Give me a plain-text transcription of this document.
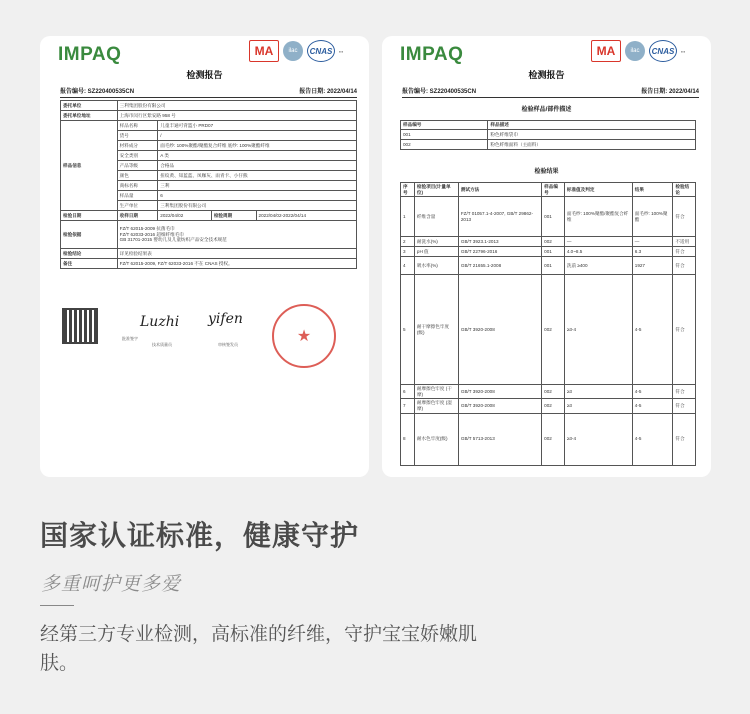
IMPAQ	MA	ilac	CNAS	▪▪▪
检测报告
报告编号: SZ220400535CN	报告日期: 2022/04/14
委托单位	三利集团股份有限公司			
委托单位地址	上海市闵行区紫安路 958 号			
样品信息	样品名称	儿童丰通可背篮小 PRD07		
	货号	/		
	材料成分	面毛纱: 100%聚酯/聚酯复合纤维 底纱: 100%聚酯纤维		
	安全类别	A 类		
	产品等级	合格品		
	颜色	扭纹黄、知蓝蓝、凤咖灰、雨青卡、小仔熊		
	商标名称	三利		
	样品量	6		
	生产单位	三利集团股份有限公司		
检验日期	收样日期	2022/04/02	检验周期	2022/04/02-2022/04/14
检验依据	FZ/T 62015-2009 抗菌毛巾
FZ/T 62033-2016 超细纤维毛巾
GB 31701-2015 婴幼儿及儿童纺织产品安全技术规范			

检验结论	详见检验结果表			
备注	FZ/T 62015-2009, FZ/T 62033-2016 不在 CNAS 授权。			
Luzhi yifen
批准签字
技术质量员	审核签发员	★
IMPAQ	MA	ilac	CNAS	▪▪▪
检测报告
报告编号: SZ220400535CN	报告日期: 2022/04/14
检验样品/部件描述
样品编号	样品描述
001	粉色纤维袋巾
002	粉色纤维面料（主面料）
检验结果
序号	检验项目(计量单位)	测试方法	样品编号	标准值及判定	结果	检验结论
1	纤维含量	FZ/T 01057.1-4-2007, GB/T 29862-2013	001	面毛纱: 100%聚酯/聚酯复合纤维	面毛纱: 100%聚酯	符合
2	耐洗水(%)	GB/T 3923.1-2013	002	—	—	不适用
3	pH 值	GB/T 22796-2016	001	4.0~8.5	6.3	符合
4	吸水率(%)	GB/T 21655.1-2008	001	洗前 ≥400	1927	符合
5	耐干摩擦色牢度(级)	GB/T 3920-2008	002	≥3-4	4-5	符合
6	耐摩擦色牢度 (干摩)	GB/T 3920-2008	002	≥3	4-5	符合
7	耐摩擦色牢度 (湿摩)	GB/T 3920-2008	002	≥3	4-5	符合
8	耐水色牢度(级)	GB/T 5713-2013	002	≥3-4	4-5	符合
国家认证标准，健康守护
多重呵护更多爱
经第三方专业检测，高标准的纤维，守护宝宝娇嫩肌肤。
